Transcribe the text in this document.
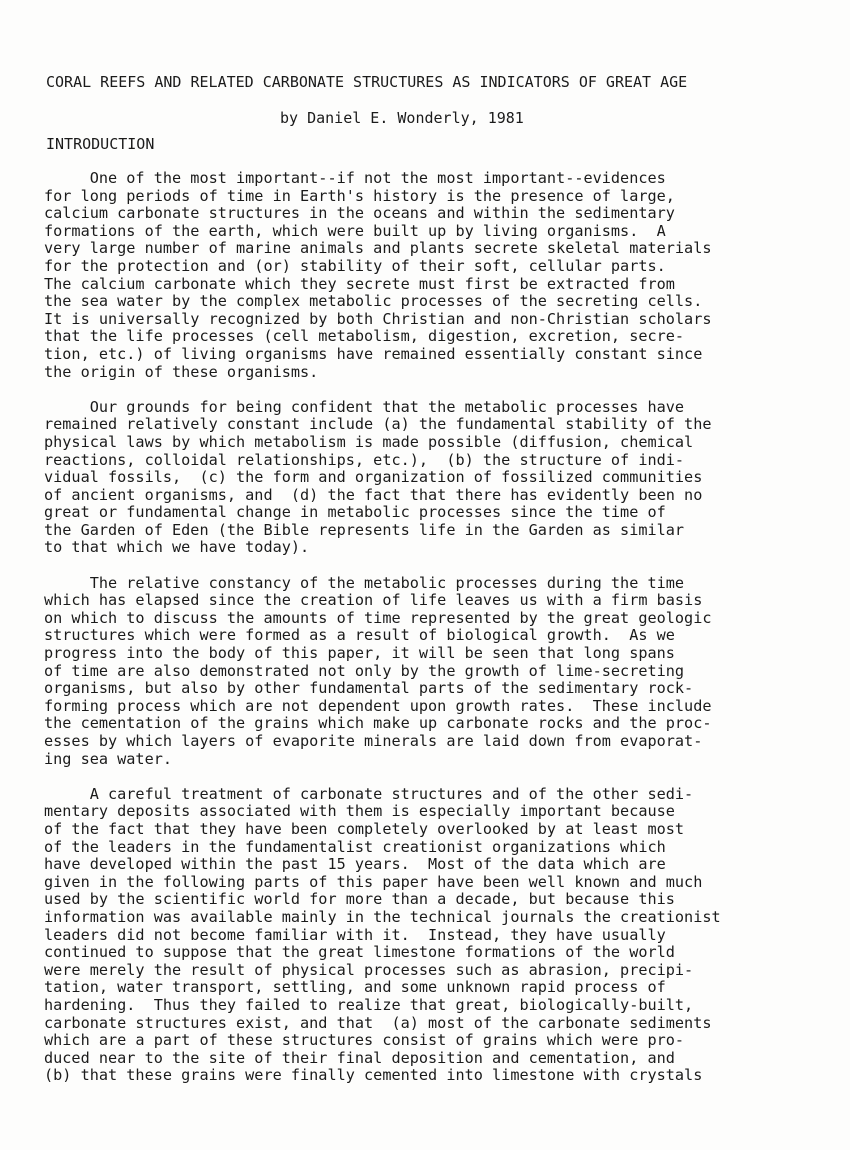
CORAL REEFS AND RELATED CARBONATE STRUCTURES AS INDICATORS OF GREAT AGE
by Daniel E. Wonderly, 1981
INTRODUCTION
One of the most important--if not the most important--evidences
for long periods of time in Earth's history is the presence of large,
calcium carbonate structures in the oceans and within the sedimentary
formations of the earth, which were built up by living organisms.  A
very large number of marine animals and plants secrete skeletal materials
for the protection and (or) stability of their soft, cellular parts.
The calcium carbonate which they secrete must first be extracted from
the sea water by the complex metabolic processes of the secreting cells.
It is universally recognized by both Christian and non-Christian scholars
that the life processes (cell metabolism, digestion, excretion, secre-
tion, etc.) of living organisms have remained essentially constant since
the origin of these organisms.
Our grounds for being confident that the metabolic processes have
remained relatively constant include (a) the fundamental stability of the
physical laws by which metabolism is made possible (diffusion, chemical
reactions, colloidal relationships, etc.),  (b) the structure of indi-
vidual fossils,  (c) the form and organization of fossilized communities
of ancient organisms, and  (d) the fact that there has evidently been no
great or fundamental change in metabolic processes since the time of
the Garden of Eden (the Bible represents life in the Garden as similar
to that which we have today).
The relative constancy of the metabolic processes during the time
which has elapsed since the creation of life leaves us with a firm basis
on which to discuss the amounts of time represented by the great geologic
structures which were formed as a result of biological growth.  As we
progress into the body of this paper, it will be seen that long spans
of time are also demonstrated not only by the growth of lime-secreting
organisms, but also by other fundamental parts of the sedimentary rock-
forming process which are not dependent upon growth rates.  These include
the cementation of the grains which make up carbonate rocks and the proc-
esses by which layers of evaporite minerals are laid down from evaporat-
ing sea water.
A careful treatment of carbonate structures and of the other sedi-
mentary deposits associated with them is especially important because
of the fact that they have been completely overlooked by at least most
of the leaders in the fundamentalist creationist organizations which
have developed within the past 15 years.  Most of the data which are
given in the following parts of this paper have been well known and much
used by the scientific world for more than a decade, but because this
information was available mainly in the technical journals the creationist
leaders did not become familiar with it.  Instead, they have usually
continued to suppose that the great limestone formations of the world
were merely the result of physical processes such as abrasion, precipi-
tation, water transport, settling, and some unknown rapid process of
hardening.  Thus they failed to realize that great, biologically-built,
carbonate structures exist, and that  (a) most of the carbonate sediments
which are a part of these structures consist of grains which were pro-
duced near to the site of their final deposition and cementation, and
(b) that these grains were finally cemented into limestone with crystals
